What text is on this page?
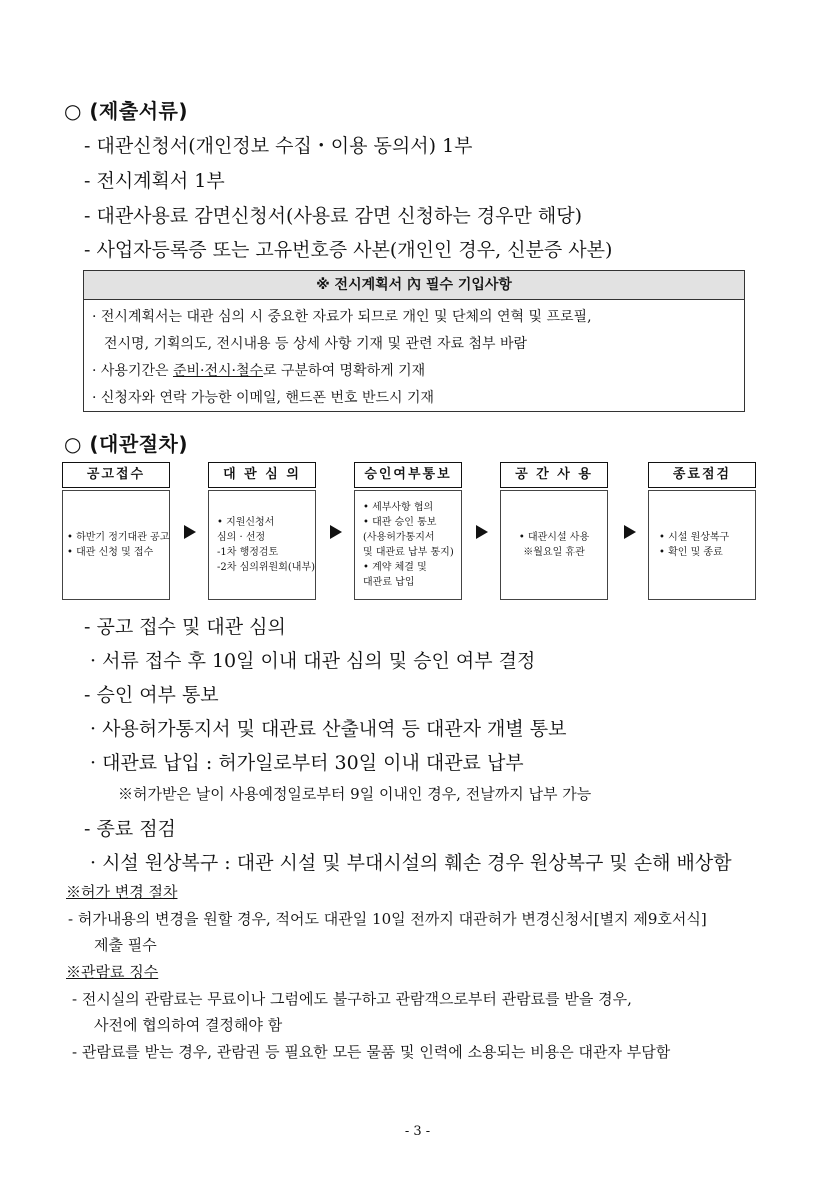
○ (제출서류)
- 대관신청서(개인정보 수집・이용 동의서) 1부
- 전시계획서 1부
- 대관사용료 감면신청서(사용료 감면 신청하는 경우만 해당)
- 사업자등록증 또는 고유번호증 사본(개인인 경우, 신분증 사본)
※ 전시계획서 內 필수 기입사항
· 전시계획서는 대관 심의 시 중요한 자료가 되므로 개인 및 단체의 연혁 및 프로필,
전시명, 기획의도, 전시내용 등 상세 사항 기재 및 관련 자료 첨부 바람
· 사용기간은 준비·전시·철수로 구분하여 명확하게 기재
· 신청자와 연락 가능한 이메일, 핸드폰 번호 반드시 기재
○ (대관절차)
공고접수
• 하반기 정기대관 공고
• 대관 신청 및 접수
대 관 심 의
• 지원신청서
심의 · 선정
-1차 행정검토
-2차 심의위원회(내부)
승인여부통보
• 세부사항 협의
• 대관 승인 통보
(사용허가통지서
및 대관료 납부 통지)
• 계약 체결 및
대관료 납입
공 간 사 용
• 대관시설 사용
※월요일 휴관
종료점검
• 시설 원상복구
• 확인 및 종료
- 공고 접수 및 대관 심의
· 서류 접수 후 10일 이내 대관 심의 및 승인 여부 결정
- 승인 여부 통보
· 사용허가통지서 및 대관료 산출내역 등 대관자 개별 통보
· 대관료 납입 : 허가일로부터 30일 이내 대관료 납부
※허가받은 날이 사용예정일로부터 9일 이내인 경우, 전날까지 납부 가능
- 종료 점검
· 시설 원상복구 : 대관 시설 및 부대시설의 훼손 경우 원상복구 및 손해 배상함
※허가 변경 절차
- 허가내용의 변경을 원할 경우, 적어도 대관일 10일 전까지 대관허가 변경신청서[별지 제9호서식]
제출 필수
※관람료 징수
- 전시실의 관람료는 무료이나 그럼에도 불구하고 관람객으로부터 관람료를 받을 경우,
사전에 협의하여 결정해야 함
- 관람료를 받는 경우, 관람권 등 필요한 모든 물품 및 인력에 소용되는 비용은 대관자 부담함
- 3 -
